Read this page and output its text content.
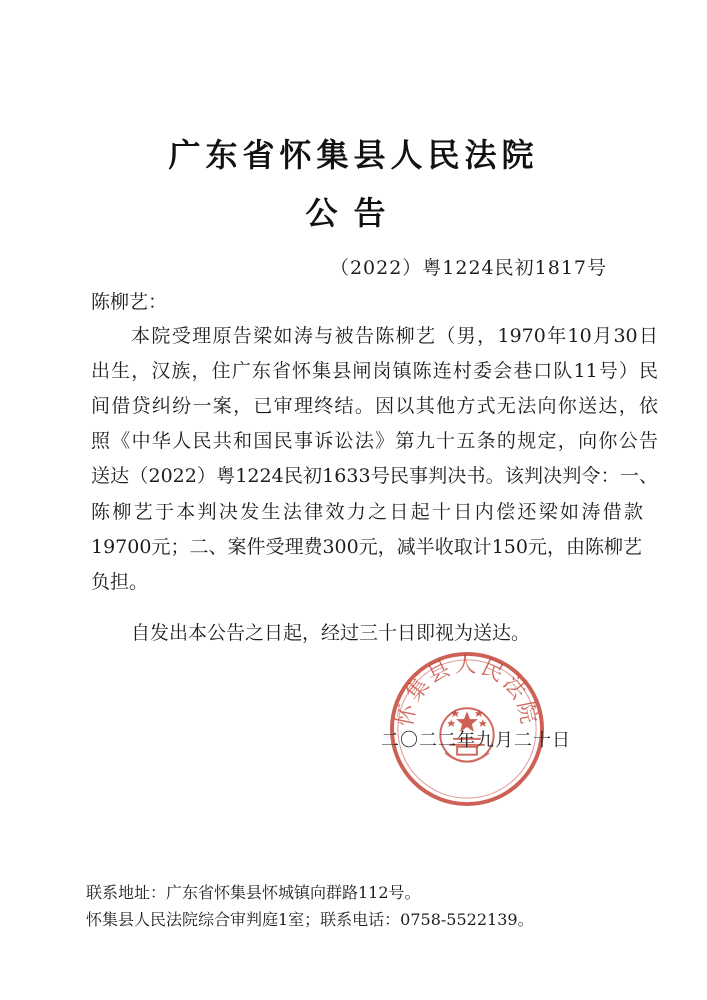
广东省怀集县人民法院
公告
（2022）粤1224民初1817号
陈柳艺：
本院受理原告梁如涛与被告陈柳艺（男，1970年10月30日
出生，汉族，住广东省怀集县闸岗镇陈连村委会巷口队11号）民
间借贷纠纷一案，已审理终结。因以其他方式无法向你送达，依
照《中华人民共和国民事诉讼法》第九十五条的规定，向你公告
送达（2022）粤1224民初1633号民事判决书。该判决判令：一、
陈柳艺于本判决发生法律效力之日起十日内偿还梁如涛借款
19700元；二、案件受理费300元，减半收取计150元，由陈柳艺
负担。
自发出本公告之日起，经过三十日即视为送达。
怀集县人民法院
二〇二二年九月二十日
联系地址：广东省怀集县怀城镇向群路112号。
怀集县人民法院综合审判庭1室；联系电话：0758-5522139。
